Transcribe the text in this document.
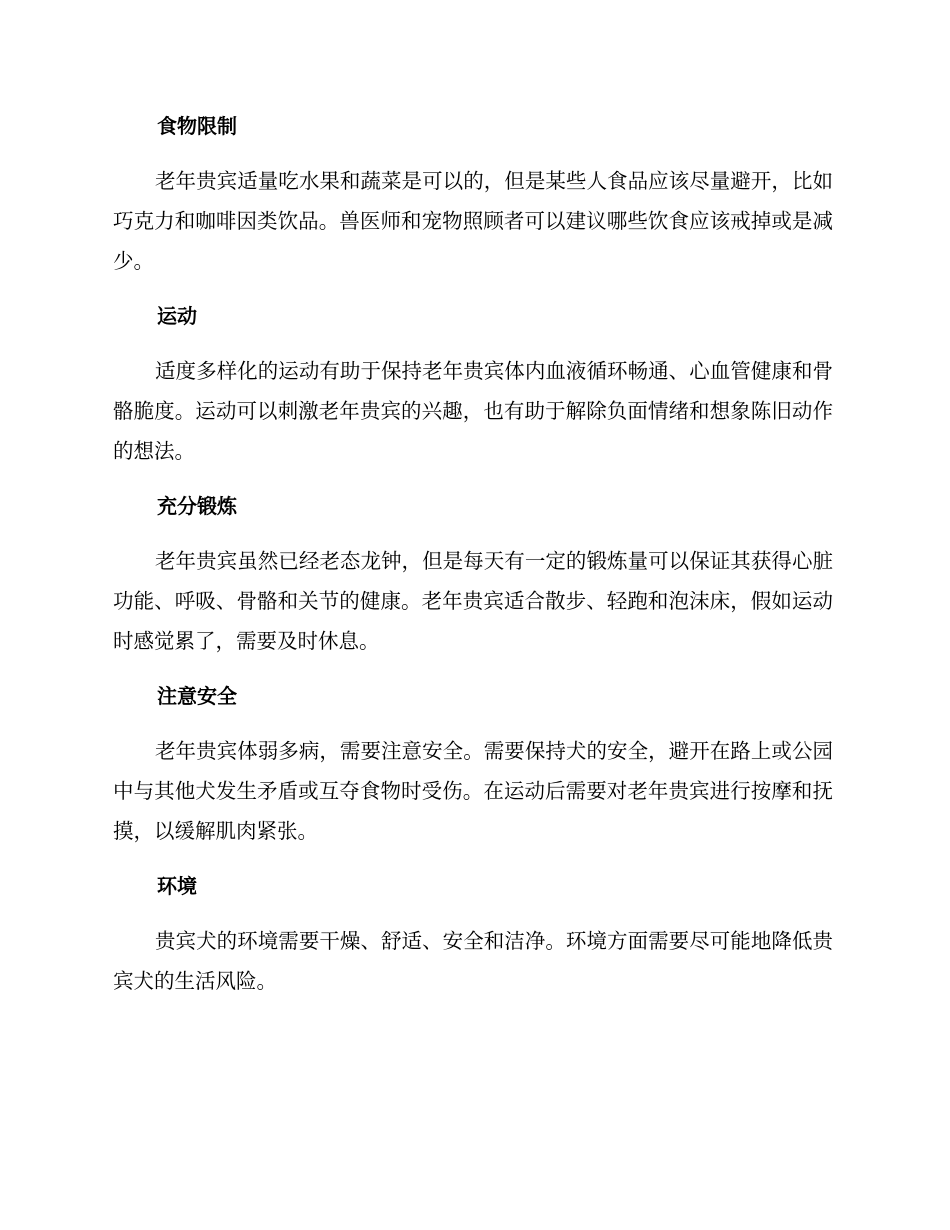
食物限制

老年贵宾适量吃水果和蔬菜是可以的，但是某些人食品应该尽量避开，比如巧克力和咖啡因类饮品。兽医师和宠物照顾者可以建议哪些饮食应该戒掉或是减少。

运动

适度多样化的运动有助于保持老年贵宾体内血液循环畅通、心血管健康和骨骼脆度。运动可以刺激老年贵宾的兴趣，也有助于解除负面情绪和想象陈旧动作的想法。

充分锻炼

老年贵宾虽然已经老态龙钟，但是每天有一定的锻炼量可以保证其获得心脏功能、呼吸、骨骼和关节的健康。老年贵宾适合散步、轻跑和泡沫床，假如运动时感觉累了，需要及时休息。

注意安全

老年贵宾体弱多病，需要注意安全。需要保持犬的安全，避开在路上或公园中与其他犬发生矛盾或互夺食物时受伤。在运动后需要对老年贵宾进行按摩和抚摸，以缓解肌肉紧张。

环境

贵宾犬的环境需要干燥、舒适、安全和洁净。环境方面需要尽可能地降低贵宾犬的生活风险。
